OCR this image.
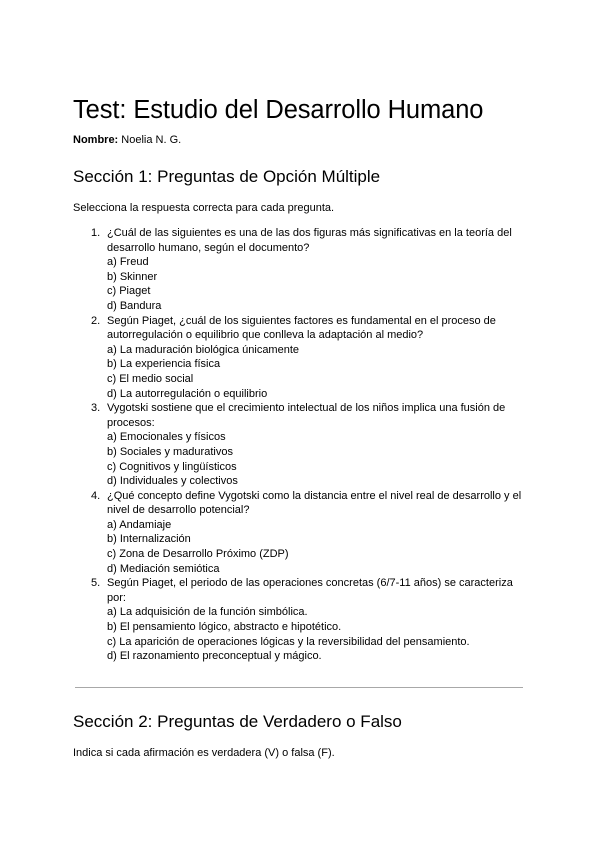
Test: Estudio del Desarrollo Humano
Nombre: Noelia N. G.
Sección 1: Preguntas de Opción Múltiple
Selecciona la respuesta correcta para cada pregunta.
1. ¿Cuál de las siguientes es una de las dos figuras más significativas en la teoría del desarrollo humano, según el documento?
a) Freud
b) Skinner
c) Piaget
d) Bandura
2. Según Piaget, ¿cuál de los siguientes factores es fundamental en el proceso de autorregulación o equilibrio que conlleva la adaptación al medio?
a) La maduración biológica únicamente
b) La experiencia física
c) El medio social
d) La autorregulación o equilibrio
3. Vygotski sostiene que el crecimiento intelectual de los niños implica una fusión de procesos:
a) Emocionales y físicos
b) Sociales y madurativos
c) Cognitivos y lingüísticos
d) Individuales y colectivos
4. ¿Qué concepto define Vygotski como la distancia entre el nivel real de desarrollo y el nivel de desarrollo potencial?
a) Andamiaje
b) Internalización
c) Zona de Desarrollo Próximo (ZDP)
d) Mediación semiótica
5. Según Piaget, el periodo de las operaciones concretas (6/7-11 años) se caracteriza por:
a) La adquisición de la función simbólica.
b) El pensamiento lógico, abstracto e hipotético.
c) La aparición de operaciones lógicas y la reversibilidad del pensamiento.
d) El razonamiento preconceptual y mágico.
Sección 2: Preguntas de Verdadero o Falso
Indica si cada afirmación es verdadera (V) o falsa (F).
